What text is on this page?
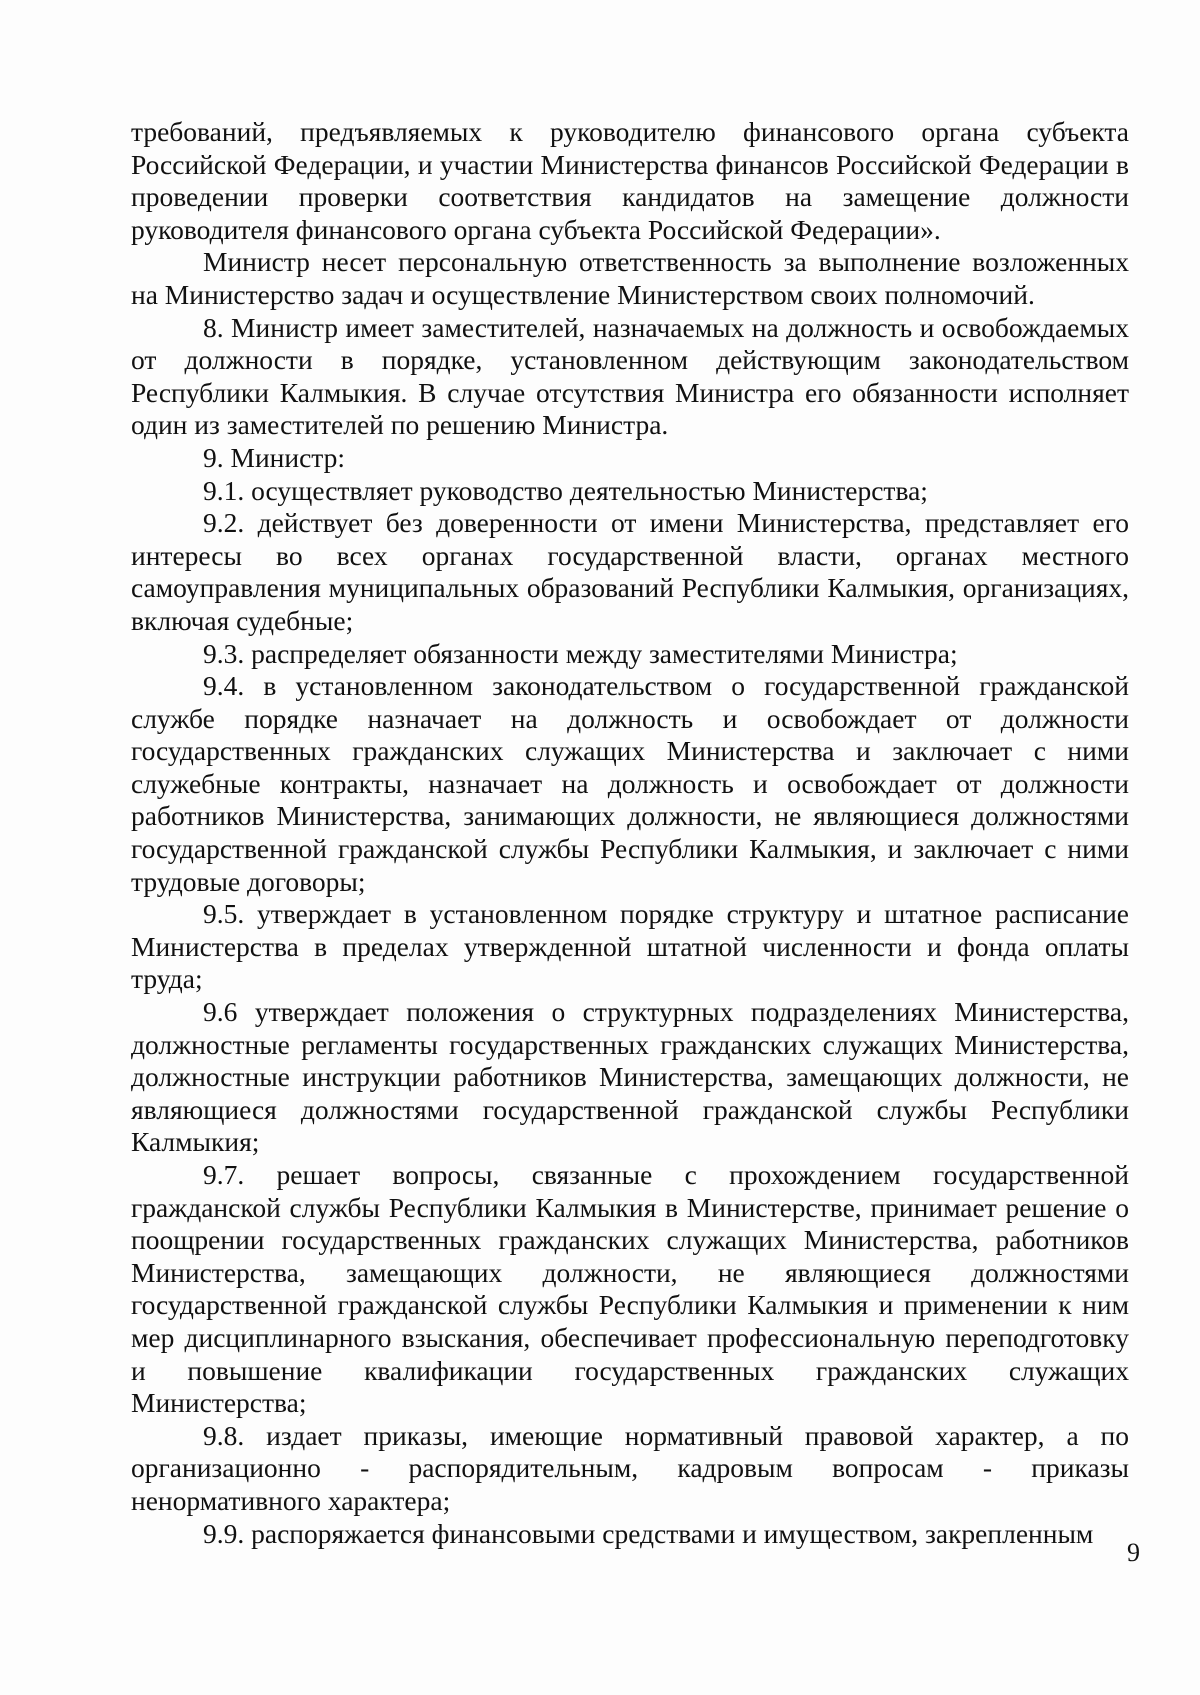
требований, предъявляемых к руководителю финансового органа субъекта Российской Федерации, и участии Министерства финансов Российской Федерации в проведении проверки соответствия кандидатов на замещение должности руководителя финансового органа субъекта Российской Федерации».

Министр несет персональную ответственность за выполнение возложенных на Министерство задач и осуществление Министерством своих полномочий.

8. Министр имеет заместителей, назначаемых на должность и освобождаемых от должности в порядке, установленном действующим законодательством Республики Калмыкия. В случае отсутствия Министра его обязанности исполняет один из заместителей по решению Министра.

9. Министр:

9.1. осуществляет руководство деятельностью Министерства;

9.2. действует без доверенности от имени Министерства, представляет его интересы во всех органах государственной власти, органах местного самоуправления муниципальных образований Республики Калмыкия, организациях, включая судебные;

9.3. распределяет обязанности между заместителями Министра;

9.4. в установленном законодательством о государственной гражданской службе порядке назначает на должность и освобождает от должности государственных гражданских служащих Министерства и заключает с ними служебные контракты, назначает на должность и освобождает от должности работников Министерства, занимающих должности, не являющиеся должностями государственной гражданской службы Республики Калмыкия, и заключает с ними трудовые договоры;

9.5. утверждает в установленном порядке структуру и штатное расписание Министерства в пределах утвержденной штатной численности и фонда оплаты труда;

9.6 утверждает положения о структурных подразделениях Министерства, должностные регламенты государственных гражданских служащих Министерства, должностные инструкции работников Министерства, замещающих должности, не являющиеся должностями государственной гражданской службы Республики Калмыкия;

9.7. решает вопросы, связанные с прохождением государственной гражданской службы Республики Калмыкия в Министерстве, принимает решение о поощрении государственных гражданских служащих Министерства, работников Министерства, замещающих должности, не являющиеся должностями государственной гражданской службы Республики Калмыкия и применении к ним мер дисциплинарного взыскания, обеспечивает профессиональную переподготовку и повышение квалификации государственных гражданских служащих Министерства;

9.8. издает приказы, имеющие нормативный правовой характер, а по организационно - распорядительным, кадровым вопросам - приказы ненормативного характера;

9.9. распоряжается финансовыми средствами и имуществом, закрепленным

9
